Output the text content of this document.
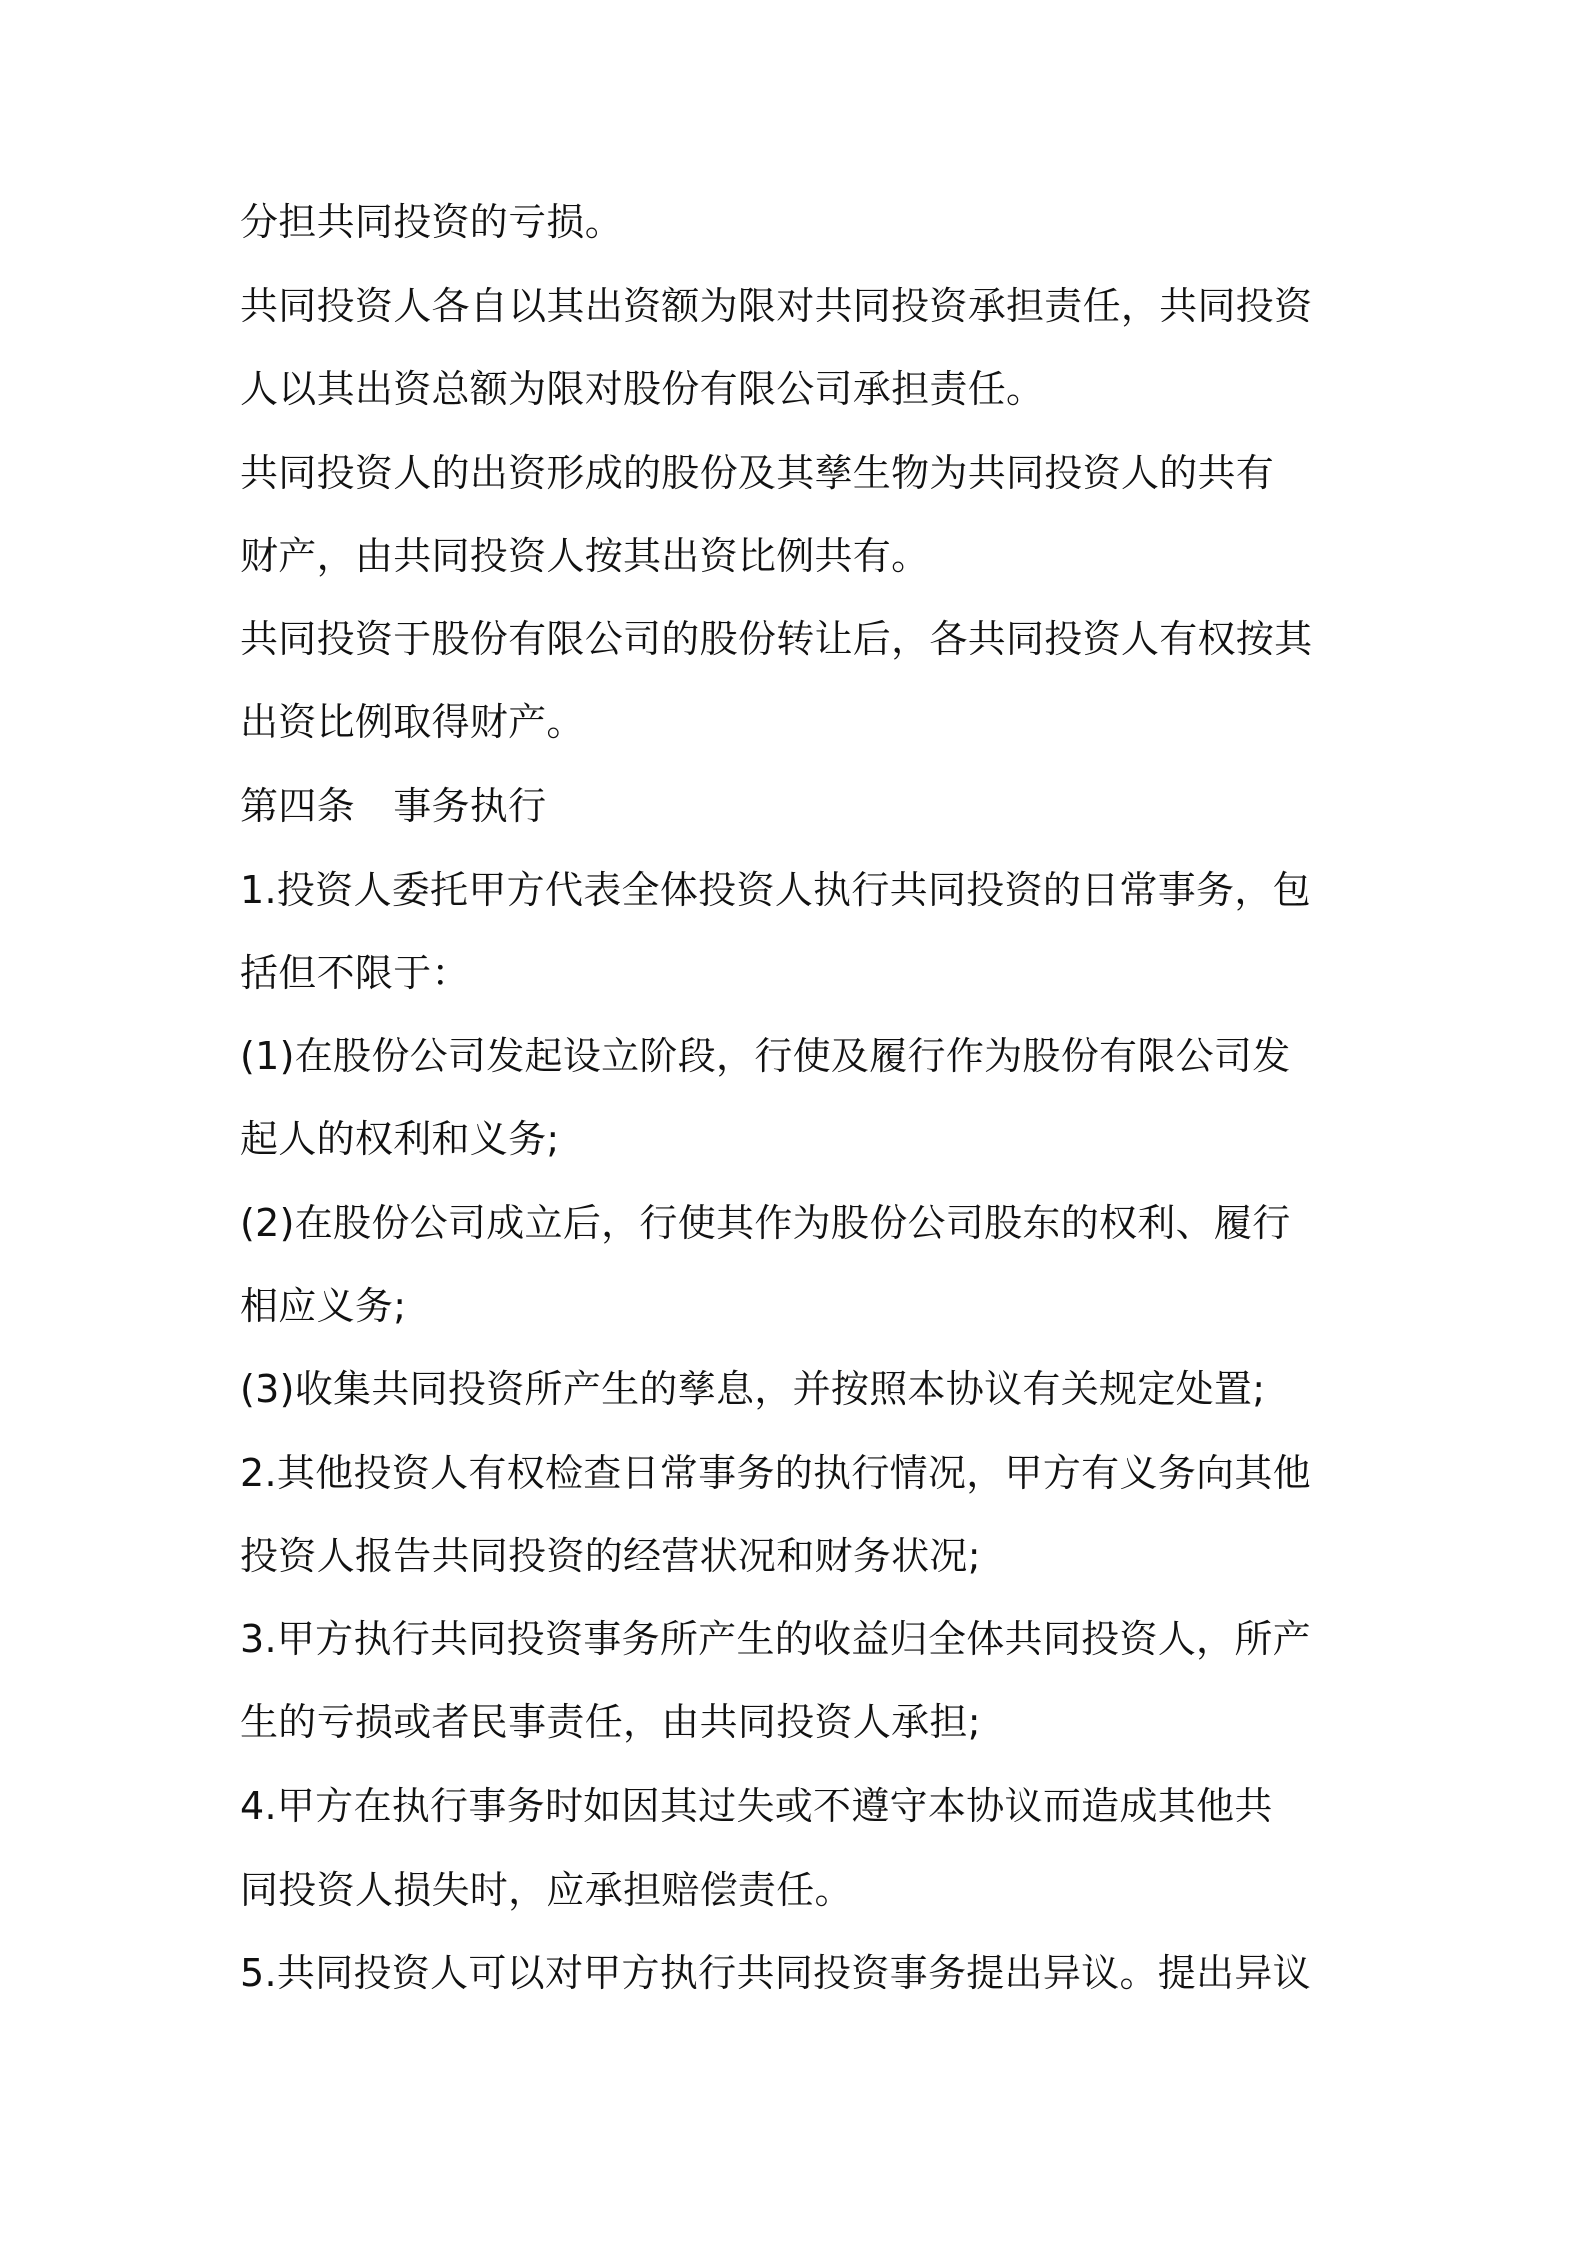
分担共同投资的亏损。
共同投资人各自以其出资额为限对共同投资承担责任，共同投资
人以其出资总额为限对股份有限公司承担责任。
共同投资人的出资形成的股份及其孳生物为共同投资人的共有
财产，由共同投资人按其出资比例共有。
共同投资于股份有限公司的股份转让后，各共同投资人有权按其
出资比例取得财产。
第四条　事务执行
1.投资人委托甲方代表全体投资人执行共同投资的日常事务，包
括但不限于：
(1)在股份公司发起设立阶段，行使及履行作为股份有限公司发
起人的权利和义务;
(2)在股份公司成立后，行使其作为股份公司股东的权利、履行
相应义务;
(3)收集共同投资所产生的孳息，并按照本协议有关规定处置;
2.其他投资人有权检查日常事务的执行情况，甲方有义务向其他
投资人报告共同投资的经营状况和财务状况;
3.甲方执行共同投资事务所产生的收益归全体共同投资人，所产
生的亏损或者民事责任，由共同投资人承担;
4.甲方在执行事务时如因其过失或不遵守本协议而造成其他共
同投资人损失时，应承担赔偿责任。
5.共同投资人可以对甲方执行共同投资事务提出异议。提出异议
